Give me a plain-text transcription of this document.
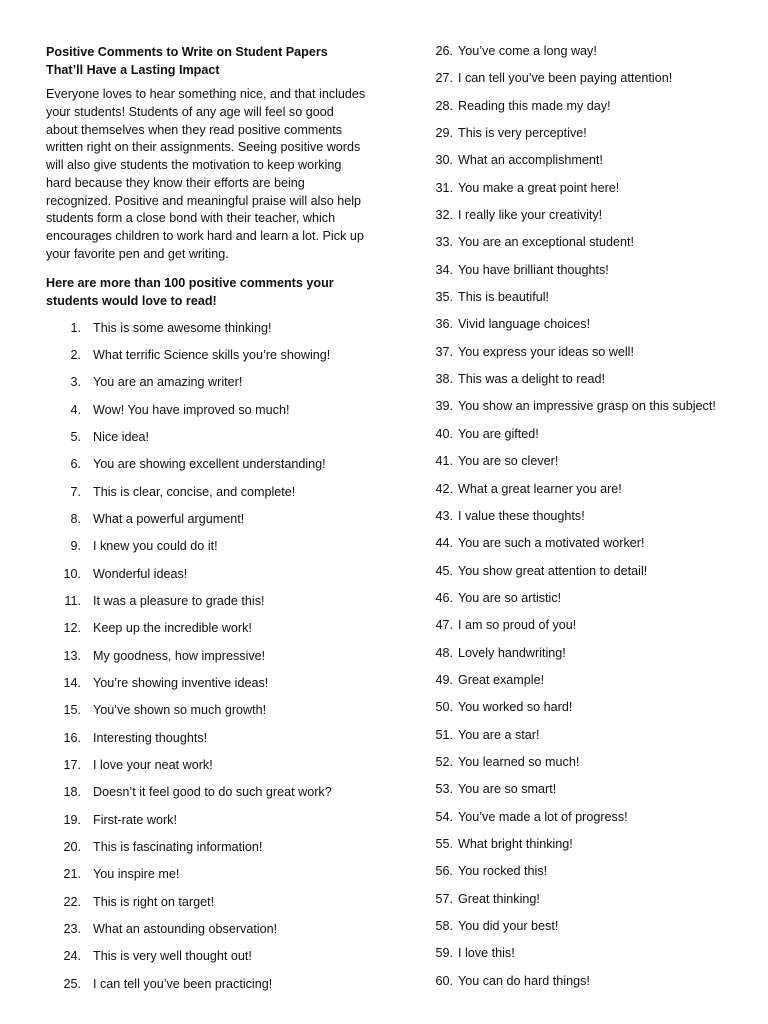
Positive Comments to Write on Student Papers That’ll Have a Lasting Impact

Everyone loves to hear something nice, and that includes your students! Students of any age will feel so good about themselves when they read positive comments written right on their assignments. Seeing positive words will also give students the motivation to keep working hard because they know their efforts are being recognized. Positive and meaningful praise will also help students form a close bond with their teacher, which encourages children to work hard and learn a lot. Pick up your favorite pen and get writing.

Here are more than 100 positive comments your students would love to read!

1. This is some awesome thinking!
2. What terrific Science skills you’re showing!
3. You are an amazing writer!
4. Wow! You have improved so much!
5. Nice idea!
6. You are showing excellent understanding!
7. This is clear, concise, and complete!
8. What a powerful argument!
9. I knew you could do it!
10. Wonderful ideas!
11. It was a pleasure to grade this!
12. Keep up the incredible work!
13. My goodness, how impressive!
14. You’re showing inventive ideas!
15. You’ve shown so much growth!
16. Interesting thoughts!
17. I love your neat work!
18. Doesn’t it feel good to do such great work?
19. First-rate work!
20. This is fascinating information!
21. You inspire me!
22. This is right on target!
23. What an astounding observation!
24. This is very well thought out!
25. I can tell you’ve been practicing!
26. You’ve come a long way!
27. I can tell you’ve been paying attention!
28. Reading this made my day!
29. This is very perceptive!
30. What an accomplishment!
31. You make a great point here!
32. I really like your creativity!
33. You are an exceptional student!
34. You have brilliant thoughts!
35. This is beautiful!
36. Vivid language choices!
37. You express your ideas so well!
38. This was a delight to read!
39. You show an impressive grasp on this subject!
40. You are gifted!
41. You are so clever!
42. What a great learner you are!
43. I value these thoughts!
44. You are such a motivated worker!
45. You show great attention to detail!
46. You are so artistic!
47. I am so proud of you!
48. Lovely handwriting!
49. Great example!
50. You worked so hard!
51. You are a star!
52. You learned so much!
53. You are so smart!
54. You’ve made a lot of progress!
55. What bright thinking!
56. You rocked this!
57. Great thinking!
58. You did your best!
59. I love this!
60. You can do hard things!
